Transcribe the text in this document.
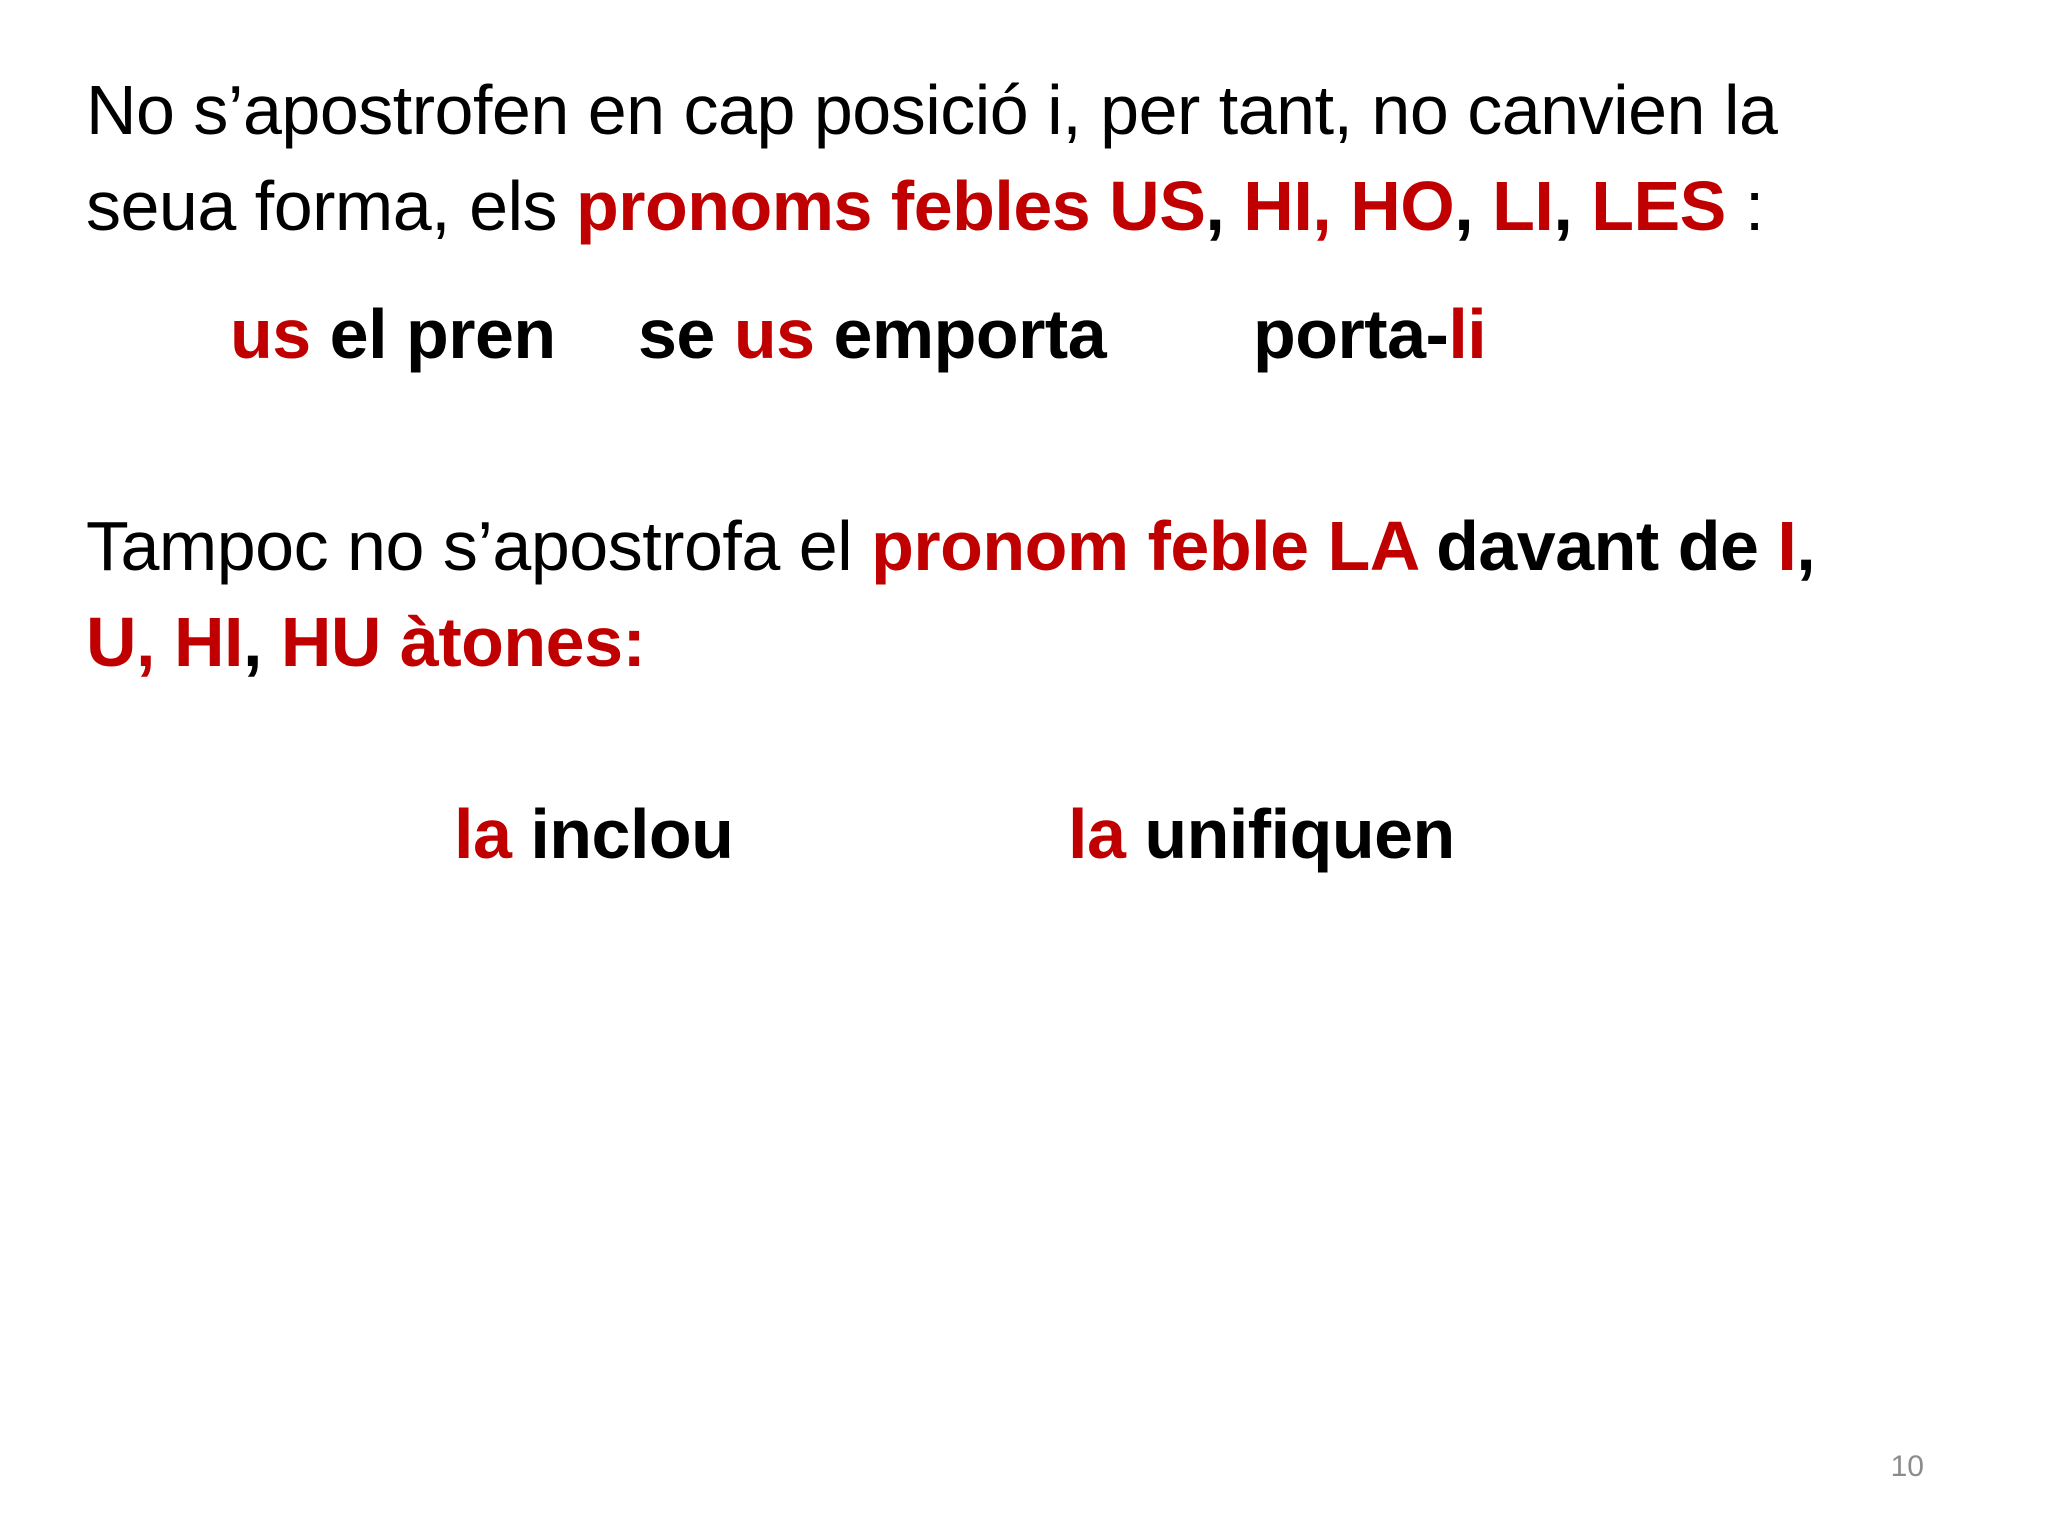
No s’apostrofen en cap posició i, per tant, no canvien la
seua forma, els pronoms febles US, HI, HO, LI, LES :
us el pren se us emporta porta-li
Tampoc no s’apostrofa el pronom feble LA davant de I,
U, HI, HU àtones:
la inclou	la unifiquen
10
